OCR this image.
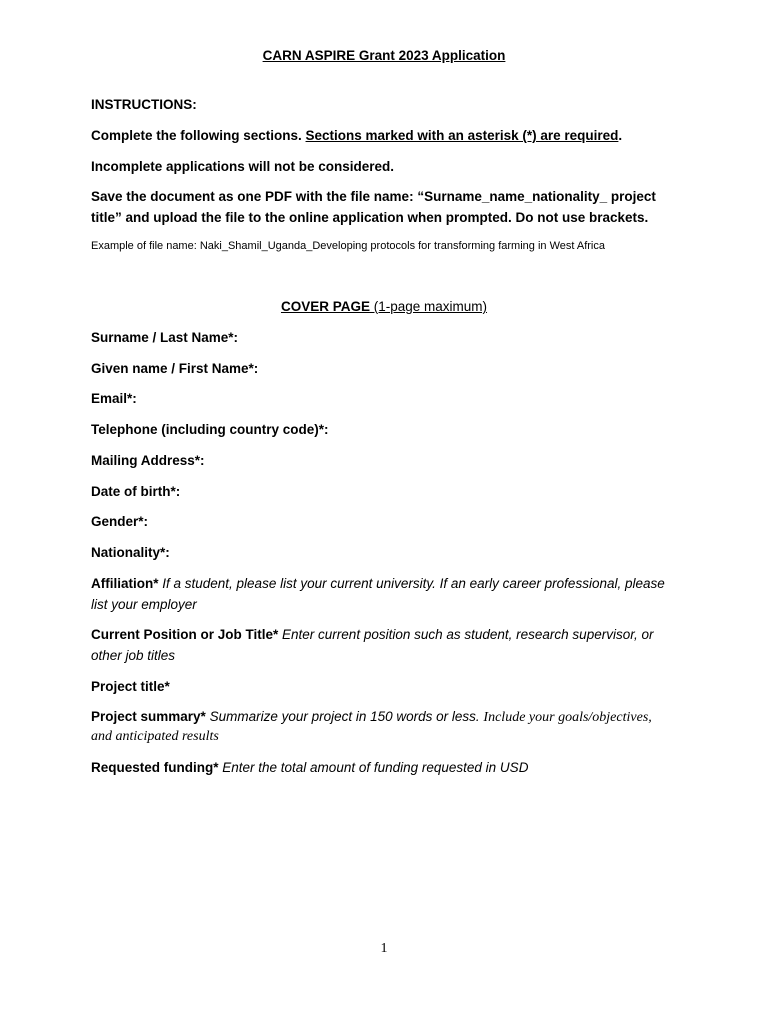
CARN ASPIRE Grant 2023 Application
INSTRUCTIONS:
Complete the following sections. Sections marked with an asterisk (*) are required.
Incomplete applications will not be considered.
Save the document as one PDF with the file name: “Surname_name_nationality_ project
title” and upload the file to the online application when prompted. Do not use brackets.
Example of file name: Naki_Shamil_Uganda_Developing protocols for transforming farming in West Africa
COVER PAGE (1-page maximum)
Surname / Last Name*:
Given name / First Name*:
Email*:
Telephone (including country code)*:
Mailing Address*:
Date of birth*:
Gender*:
Nationality*:
Affiliation* If a student, please list your current university. If an early career professional, please
list your employer
Current Position or Job Title* Enter current position such as student, research supervisor, or
other job titles
Project title*
Project summary* Summarize your project in 150 words or less. Include your goals/objectives,
and anticipated results
Requested funding* Enter the total amount of funding requested in USD
1
